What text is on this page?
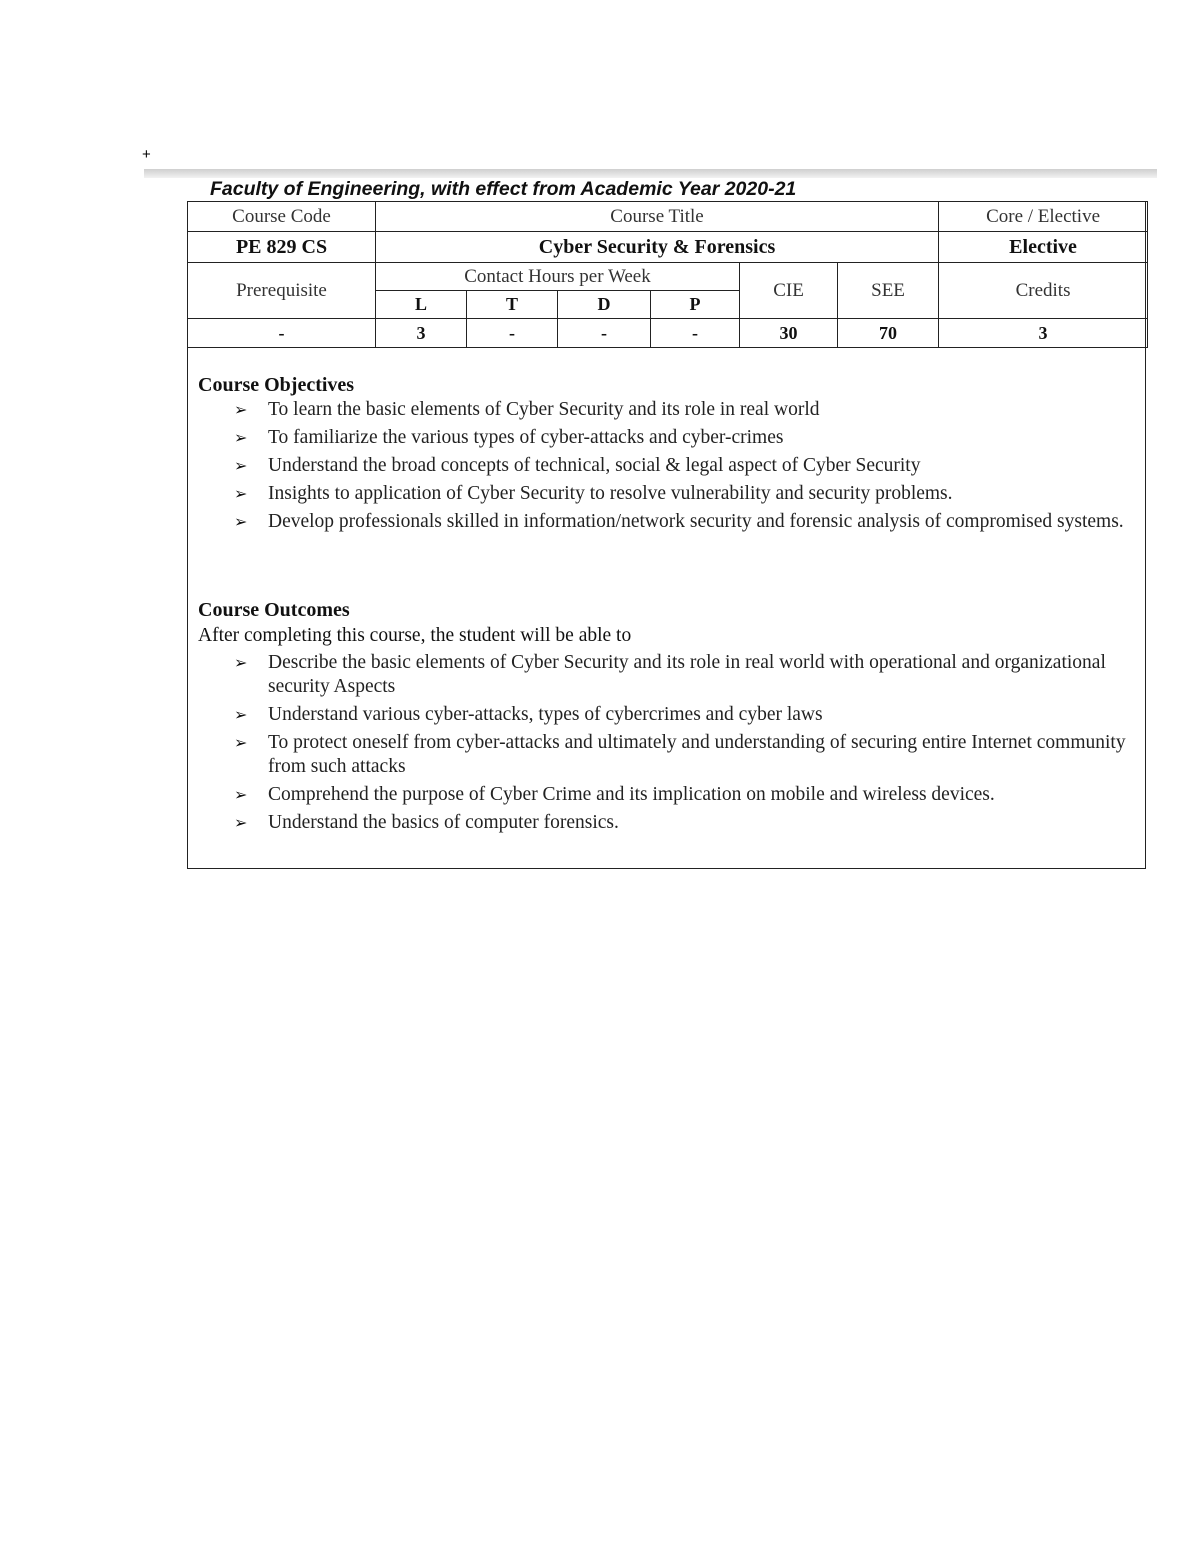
+
Faculty of Engineering, with effect from Academic Year 2020-21
Course Code	Course Title						Core / Elective
PE 829 CS	Cyber Security & Forensics						Elective
Prerequisite	Contact Hours per Week				CIE	SEE	Credits
	L	T	D	P			
-	3	-	-	-	30	70	3

Course Objectives

➢ To learn the basic elements of Cyber Security and its role in real world
➢ To familiarize the various types of cyber-attacks and cyber-crimes
➢ Understand the broad concepts of technical, social & legal aspect of Cyber Security
➢ Insights to application of Cyber Security to resolve vulnerability and security problems.
➢ Develop professionals skilled in information/network security and forensic analysis of compromised systems.

Course Outcomes

After completing this course, the student will be able to

➢ Describe the basic elements of Cyber Security and its role in real world with operational and organizational security Aspects
➢ Understand various cyber-attacks, types of cybercrimes and cyber laws
➢ To protect oneself from cyber-attacks and ultimately and understanding of securing entire Internet community from such attacks
➢ Comprehend the purpose of Cyber Crime and its implication on mobile and wireless devices.
➢ Understand the basics of computer forensics.
